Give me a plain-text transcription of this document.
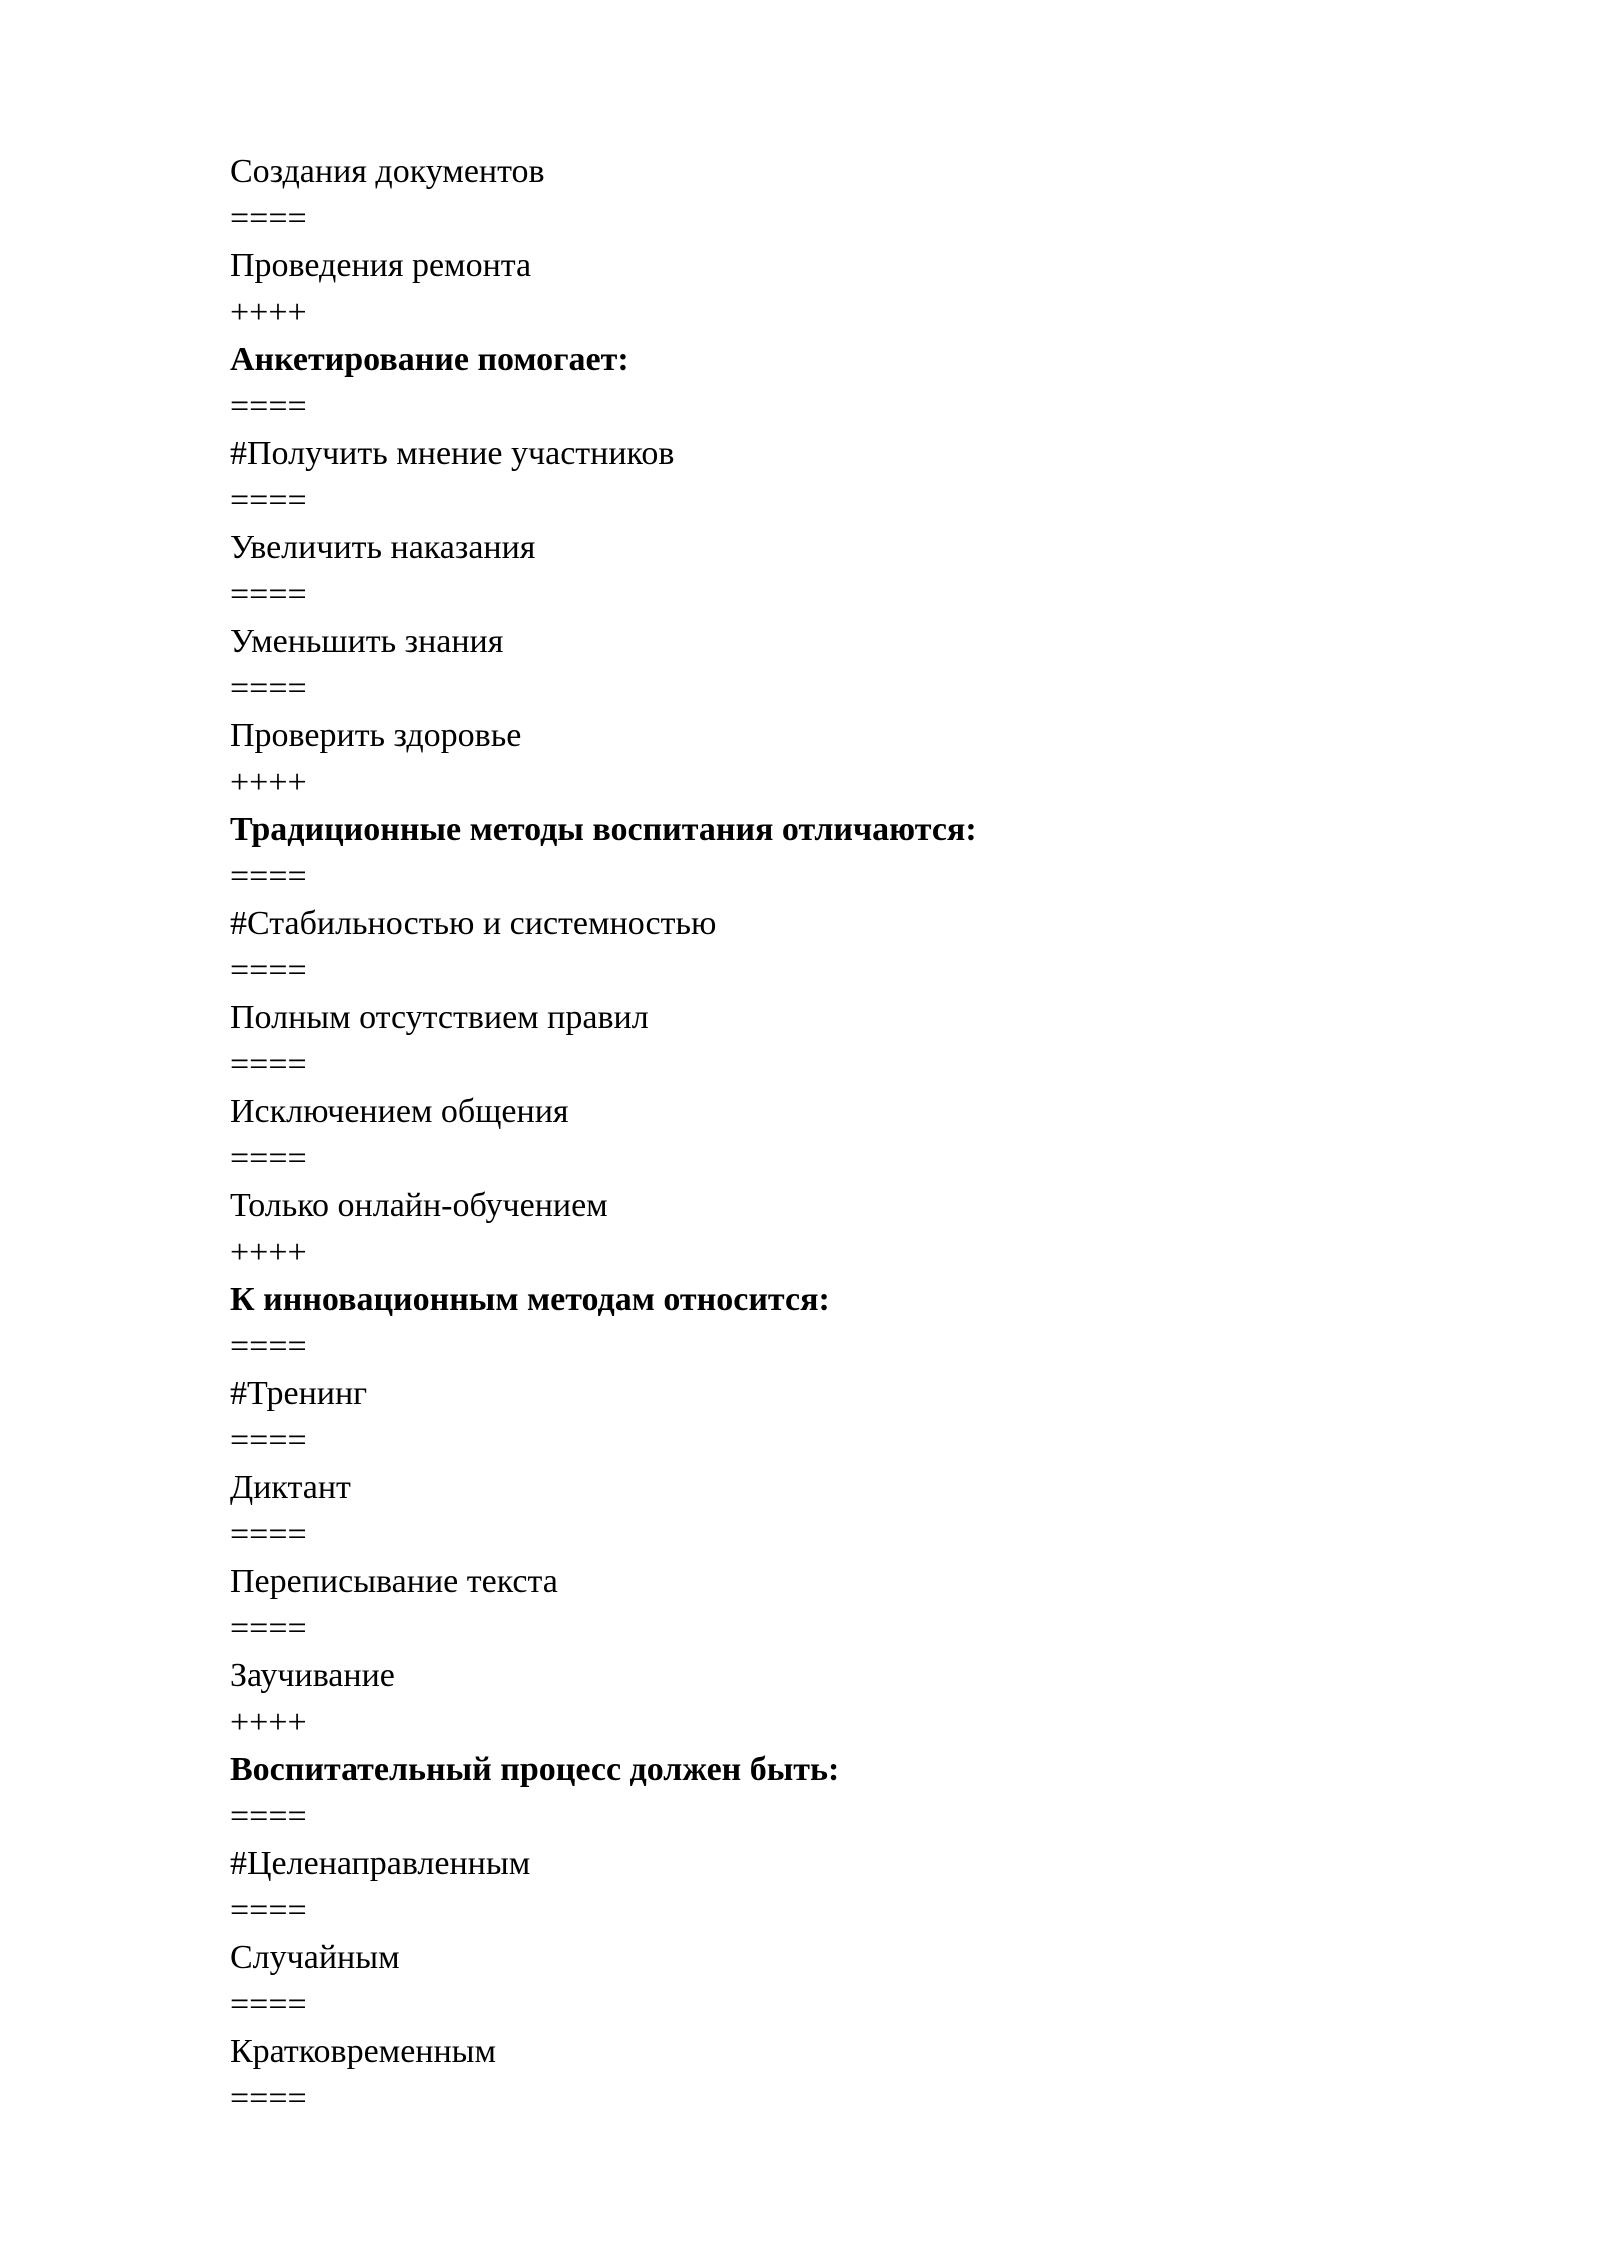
Создания документов
====
Проведения ремонта
++++
Анкетирование помогает:
====
#Получить мнение участников
====
Увеличить наказания
====
Уменьшить знания
====
Проверить здоровье
++++
Традиционные методы воспитания отличаются:
====
#Стабильностью и системностью
====
Полным отсутствием правил
====
Исключением общения
====
Только онлайн-обучением
++++
К инновационным методам относится:
====
#Тренинг
====
Диктант
====
Переписывание текста
====
Заучивание
++++
Воспитательный процесс должен быть:
====
#Целенаправленным
====
Случайным
====
Кратковременным
====
